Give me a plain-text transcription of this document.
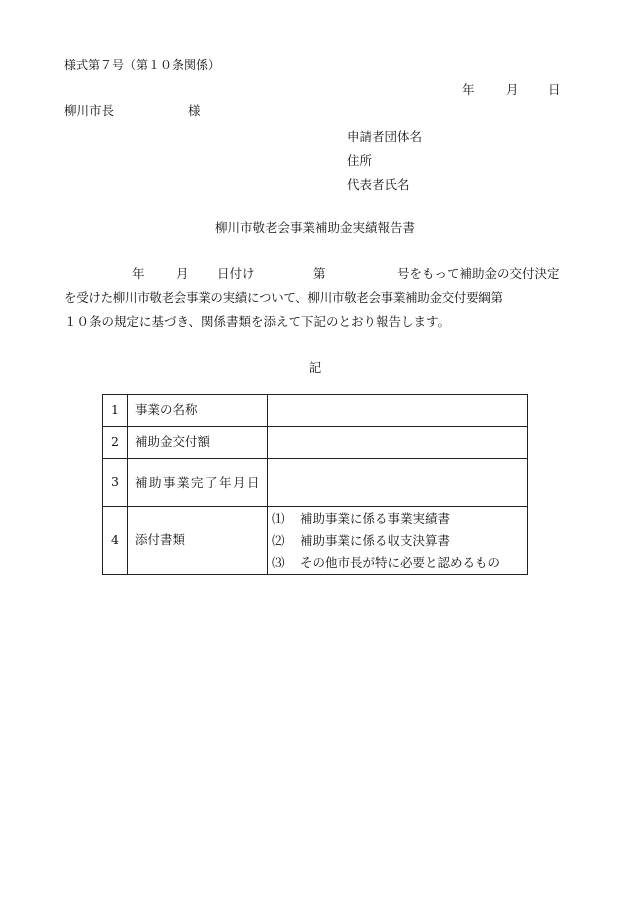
様式第７号（第１０条関係）
年	月 日
柳川市長	様
申請者団体名
住所
代表者氏名
柳川市敬老会事業補助金実績報告書
年	月 日付け	第	号をもって補助金の交付決定
を受けた柳川市敬老会事業の実績について、柳川市敬老会事業補助金交付要綱第
１０条の規定に基づき、関係書類を添えて下記のとおり報告します。
記
1	事業の名称	
2	補助金交付額	
3	補助事業完了年月日	
4	添付書類	⑴ 補助事業に係る事業実績書
⑵ 補助事業に係る収支決算書
⑶ その他市長が特に必要と認めるもの
